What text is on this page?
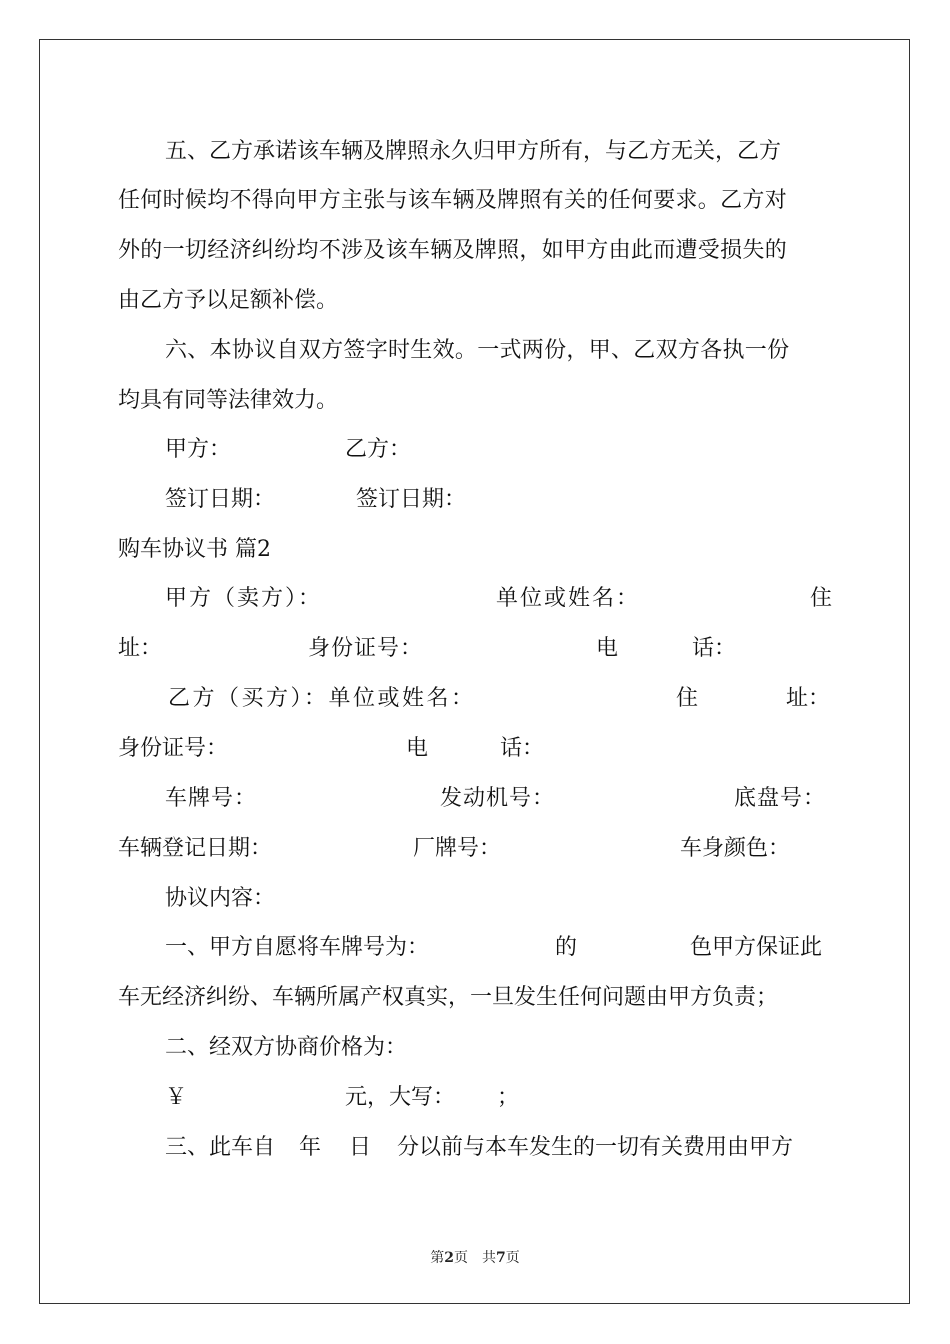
五、乙方承诺该车辆及牌照永久归甲方所有，与乙方无关，乙方
任何时候均不得向甲方主张与该车辆及牌照有关的任何要求。乙方对
外的一切经济纠纷均不涉及该车辆及牌照，如甲方由此而遭受损失的
由乙方予以足额补偿。
六、本协议自双方签字时生效。一式两份，甲、乙双方各执一份
均具有同等法律效力。
甲方：	乙方：
签订日期：	签订日期：
购车协议书 篇2
甲方（卖方）：	单位或姓名：	住
址：	身份证号：	电	话：
乙方（买方）：单位或姓名：	住	址：
身份证号：	电	话：
车牌号：	发动机号：	底盘号：
车辆登记日期：	厂牌号：	车身颜色：
协议内容：
一、甲方自愿将车牌号为：	的	色甲方保证此
车无经济纠纷、车辆所属产权真实，一旦发生任何问题由甲方负责；
二、经双方协商价格为：
￥	元，大写： ；
三、此车自 年 日 分以前与本车发生的一切有关费用由甲方
第2页 共7页
